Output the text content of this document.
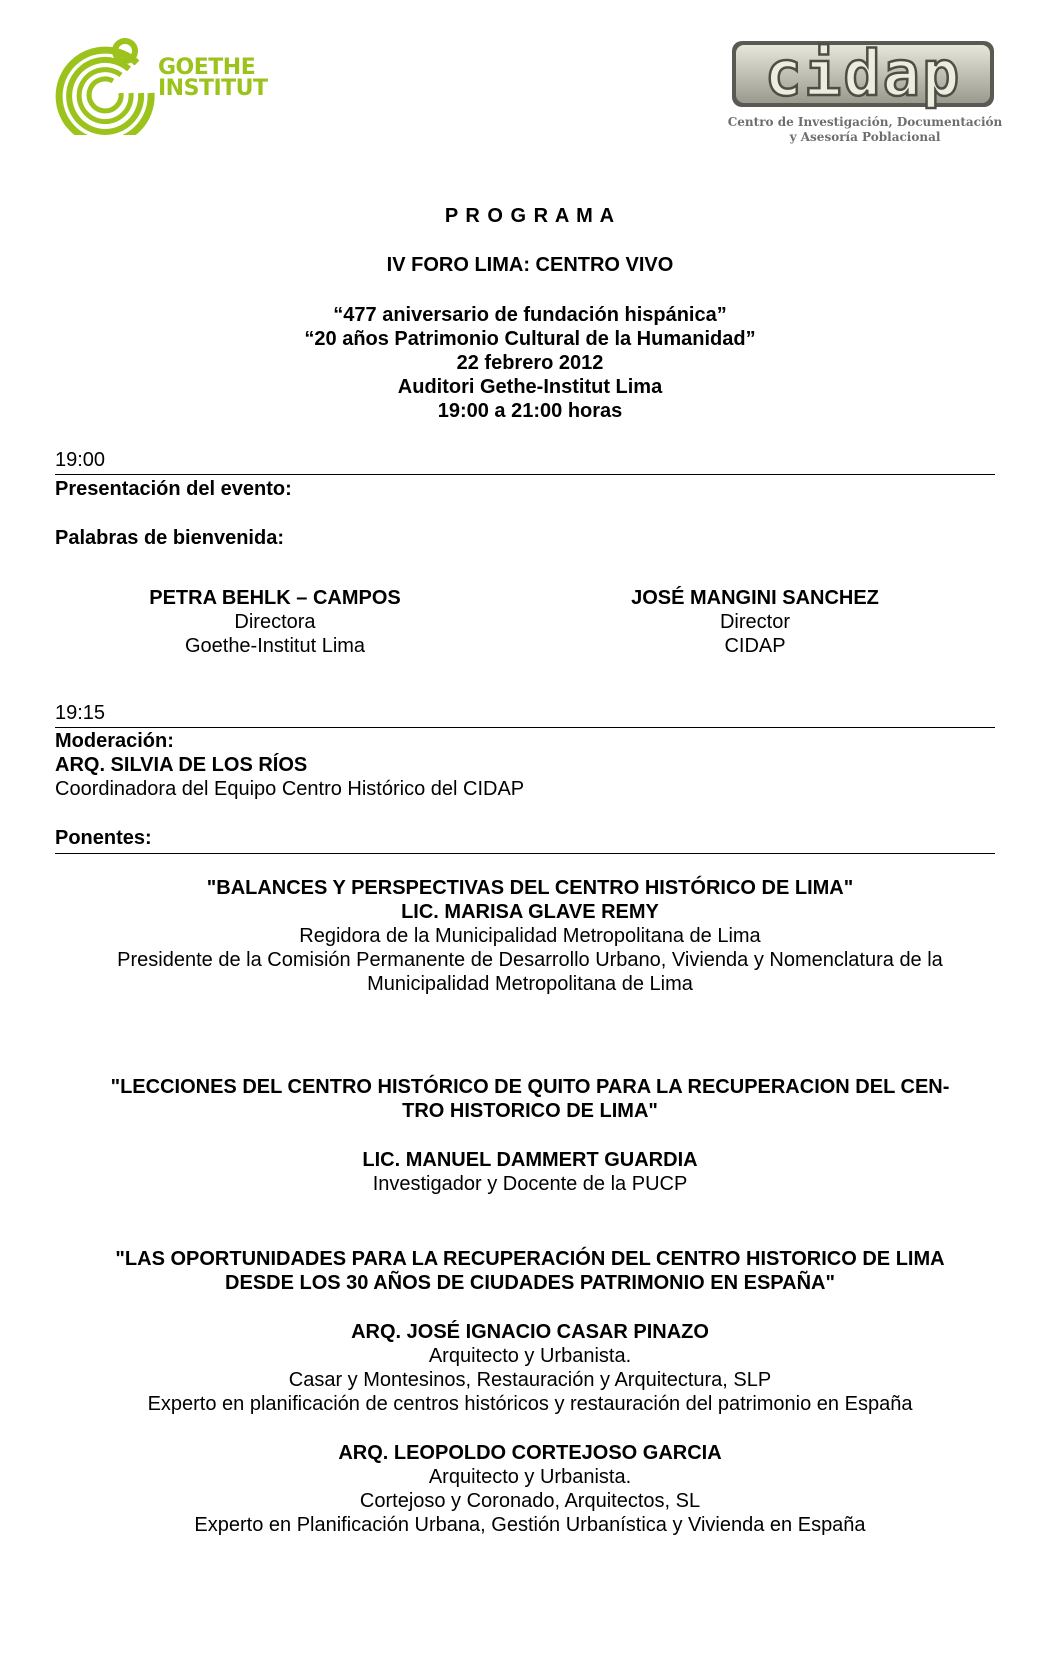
GOETHE
INSTITUT	cidap
Centro de Investigación, Documentación
y Asesoría Poblacional
P R O G R A M A
IV FORO LIMA: CENTRO VIVO
“477 aniversario de fundación hispánica”
“20 años Patrimonio Cultural de la Humanidad”
22 febrero 2012
Auditori Gethe-Institut Lima
19:00 a 21:00 horas
19:00
Presentación del evento:
Palabras de bienvenida:
PETRA BEHLK – CAMPOS
Directora
Goethe-Institut Lima
JOSÉ MANGINI SANCHEZ
Director
CIDAP
19:15
Moderación:
ARQ. SILVIA DE LOS RÍOS
Coordinadora del Equipo Centro Histórico del CIDAP
Ponentes:
"BALANCES Y PERSPECTIVAS DEL CENTRO HISTÓRICO DE LIMA"
LIC. MARISA GLAVE REMY
Regidora de la Municipalidad Metropolitana de Lima
Presidente de la Comisión Permanente de Desarrollo Urbano, Vivienda y Nomenclatura de la
Municipalidad Metropolitana de Lima
"LECCIONES DEL CENTRO HISTÓRICO DE QUITO PARA LA RECUPERACION DEL CEN-
TRO HISTORICO DE LIMA"
LIC. MANUEL DAMMERT GUARDIA
Investigador y Docente de la PUCP
"LAS OPORTUNIDADES PARA LA RECUPERACIÓN DEL CENTRO HISTORICO DE LIMA
DESDE LOS 30 AÑOS DE CIUDADES PATRIMONIO EN ESPAÑA"
ARQ. JOSÉ IGNACIO CASAR PINAZO
Arquitecto y Urbanista.
Casar y Montesinos, Restauración y Arquitectura, SLP
Experto en planificación de centros históricos y restauración del patrimonio en España
ARQ. LEOPOLDO CORTEJOSO GARCIA
Arquitecto y Urbanista.
Cortejoso y Coronado, Arquitectos, SL
Experto en Planificación Urbana, Gestión Urbanística y Vivienda en España
